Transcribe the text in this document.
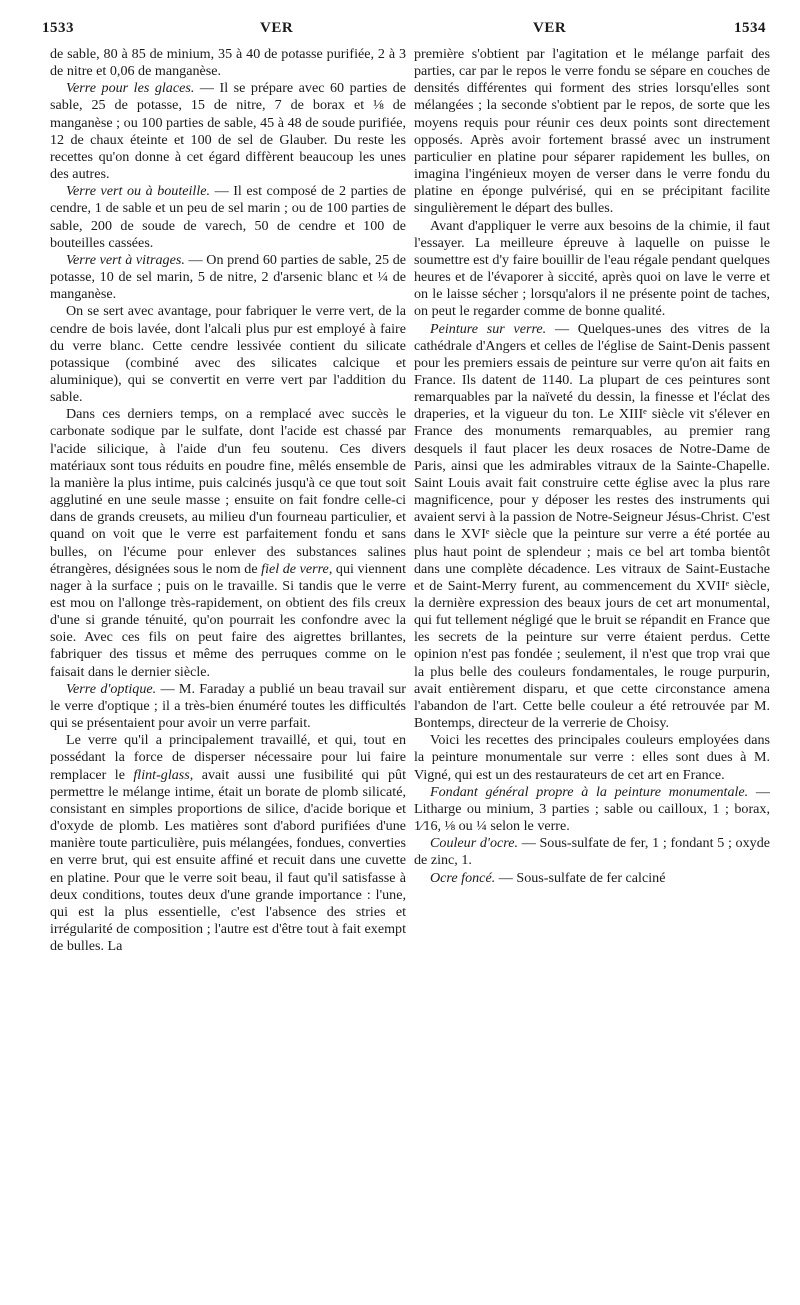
1533	VER	VER	1534

de sable, 80 à 85 de minium, 35 à 40 de potasse purifiée, 2 à 3 de nitre et 0,06 de manganèse.

Verre pour les glaces. — Il se prépare avec 60 parties de sable, 25 de potasse, 15 de nitre, 7 de borax et ⅛ de manganèse ; ou 100 parties de sable, 45 à 48 de soude purifiée, 12 de chaux éteinte et 100 de sel de Glauber. Du reste les recettes qu'on donne à cet égard diffèrent beaucoup les unes des autres.

Verre vert ou à bouteille. — Il est composé de 2 parties de cendre, 1 de sable et un peu de sel marin ; ou de 100 parties de sable, 200 de soude de varech, 50 de cendre et 100 de bouteilles cassées.

Verre vert à vitrages. — On prend 60 parties de sable, 25 de potasse, 10 de sel marin, 5 de nitre, 2 d'arsenic blanc et ¼ de manganèse.

On se sert avec avantage, pour fabriquer le verre vert, de la cendre de bois lavée, dont l'alcali plus pur est employé à faire du verre blanc. Cette cendre lessivée contient du silicate potassique (combiné avec des silicates calcique et aluminique), qui se convertit en verre vert par l'addition du sable.

Dans ces derniers temps, on a remplacé avec succès le carbonate sodique par le sulfate, dont l'acide est chassé par l'acide silicique, à l'aide d'un feu soutenu. Ces divers matériaux sont tous réduits en poudre fine, mêlés ensemble de la manière la plus intime, puis calcinés jusqu'à ce que tout soit agglutiné en une seule masse ; ensuite on fait fondre celle-ci dans de grands creusets, au milieu d'un fourneau particulier, et quand on voit que le verre est parfaitement fondu et sans bulles, on l'écume pour enlever des substances salines étrangères, désignées sous le nom de fiel de verre, qui viennent nager à la surface ; puis on le travaille. Si tandis que le verre est mou on l'allonge très-rapidement, on obtient des fils creux d'une si grande ténuité, qu'on pourrait les confondre avec la soie. Avec ces fils on peut faire des aigrettes brillantes, fabriquer des tissus et même des perruques comme on le faisait dans le dernier siècle.

Verre d'optique. — M. Faraday a publié un beau travail sur le verre d'optique ; il a très-bien énuméré toutes les difficultés qui se présentaient pour avoir un verre parfait.

Le verre qu'il a principalement travaillé, et qui, tout en possédant la force de disperser nécessaire pour lui faire remplacer le flint-glass, avait aussi une fusibilité qui pût permettre le mélange intime, était un borate de plomb silicaté, consistant en simples proportions de silice, d'acide borique et d'oxyde de plomb. Les matières sont d'abord purifiées d'une manière toute particulière, puis mélangées, fondues, converties en verre brut, qui est ensuite affiné et recuit dans une cuvette en platine. Pour que le verre soit beau, il faut qu'il satisfasse à deux conditions, toutes deux d'une grande importance : l'une, qui est la plus essentielle, c'est l'absence des stries et irrégularité de composition ; l'autre est d'être tout à fait exempt de bulles. La

première s'obtient par l'agitation et le mélange parfait des parties, car par le repos le verre fondu se sépare en couches de densités différentes qui forment des stries lorsqu'elles sont mélangées ; la seconde s'obtient par le repos, de sorte que les moyens requis pour réunir ces deux points sont directement opposés. Après avoir fortement brassé avec un instrument particulier en platine pour séparer rapidement les bulles, on imagina l'ingénieux moyen de verser dans le verre fondu du platine en éponge pulvérisé, qui en se précipitant facilite singulièrement le départ des bulles.

Avant d'appliquer le verre aux besoins de la chimie, il faut l'essayer. La meilleure épreuve à laquelle on puisse le soumettre est d'y faire bouillir de l'eau régale pendant quelques heures et de l'évaporer à siccité, après quoi on lave le verre et on le laisse sécher ; lorsqu'alors il ne présente point de taches, on peut le regarder comme de bonne qualité.

Peinture sur verre. — Quelques-unes des vitres de la cathédrale d'Angers et celles de l'église de Saint-Denis passent pour les premiers essais de peinture sur verre qu'on ait faits en France. Ils datent de 1140. La plupart de ces peintures sont remarquables par la naïveté du dessin, la finesse et l'éclat des draperies, et la vigueur du ton. Le XIIIᵉ siècle vit s'élever en France des monuments remarquables, au premier rang desquels il faut placer les deux rosaces de Notre-Dame de Paris, ainsi que les admirables vitraux de la Sainte-Chapelle. Saint Louis avait fait construire cette église avec la plus rare magnificence, pour y déposer les restes des instruments qui avaient servi à la passion de Notre-Seigneur Jésus-Christ. C'est dans le XVIᵉ siècle que la peinture sur verre a été portée au plus haut point de splendeur ; mais ce bel art tomba bientôt dans une complète décadence. Les vitraux de Saint-Eustache et de Saint-Merry furent, au commencement du XVIIᵉ siècle, la dernière expression des beaux jours de cet art monumental, qui fut tellement négligé que le bruit se répandit en France que les secrets de la peinture sur verre étaient perdus. Cette opinion n'est pas fondée ; seulement, il n'est que trop vrai que la plus belle des couleurs fondamentales, le rouge purpurin, avait entièrement disparu, et que cette circonstance amena l'abandon de l'art. Cette belle couleur a été retrouvée par M. Bontemps, directeur de la verrerie de Choisy.

Voici les recettes des principales couleurs employées dans la peinture monumentale sur verre : elles sont dues à M. Vigné, qui est un des restaurateurs de cet art en France.

Fondant général propre à la peinture monumentale. — Litharge ou minium, 3 parties ; sable ou cailloux, 1 ; borax, 1⁄16, ⅛ ou ¼ selon le verre.

Couleur d'ocre. — Sous-sulfate de fer, 1 ; fondant 5 ; oxyde de zinc, 1.

Ocre foncé. — Sous-sulfate de fer calciné
